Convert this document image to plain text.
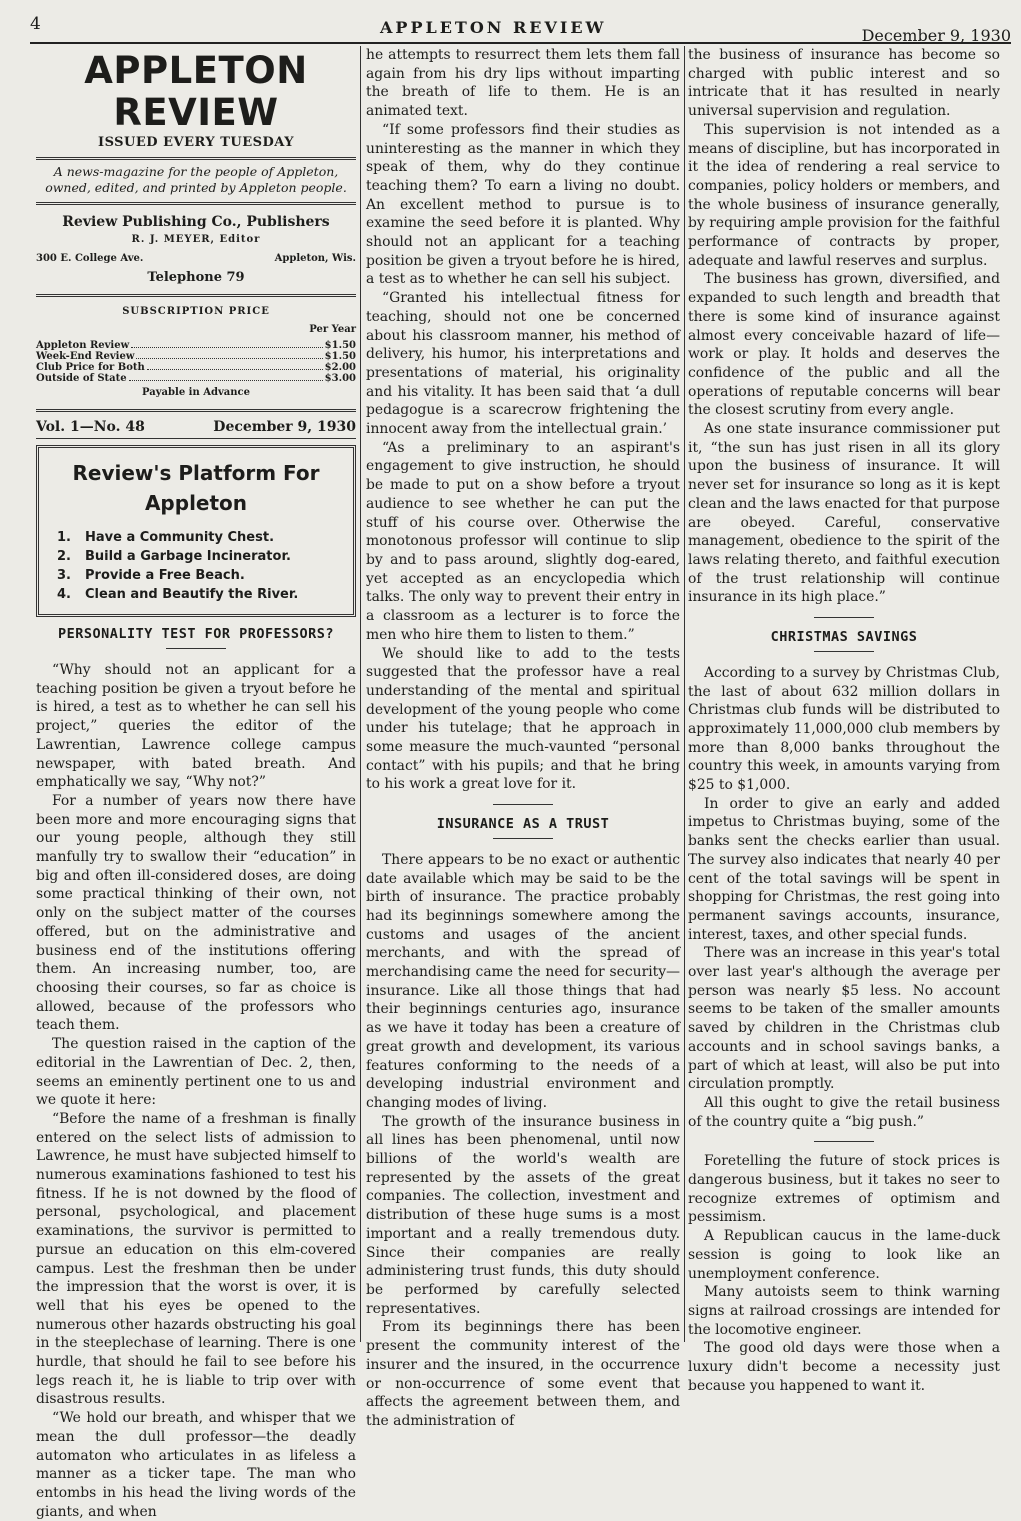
4	APPLETON REVIEW	December 9, 1930
APPLETON REVIEW
ISSUED EVERY TUESDAY
A news-magazine for the people of Appleton, owned, edited, and printed by Appleton people.
Review Publishing Co., Publishers
R. J. MEYER, Editor
300 E. College Ave.	Appleton, Wis.
Telephone 79
SUBSCRIPTION PRICE
Per Year
Appleton Review	$1.50
Week-End Review	$1.50
Club Price for Both	$2.00
Outside of State	$3.00
Payable in Advance
Vol. 1—No. 48	December 9, 1930
Review's Platform For
Appleton
1.	Have a Community Chest.
2.	Build a Garbage Incinerator.
3.	Provide a Free Beach.
4.	Clean and Beautify the River.
PERSONALITY TEST FOR PROFESSORS?

“Why should not an applicant for a teaching position be given a tryout before he is hired, a test as to whether he can sell his project,” queries the editor of the Lawrentian, Lawrence college campus newspaper, with bated breath. And emphatically we say, “Why not?”

For a number of years now there have been more and more encouraging signs that our young people, although they still manfully try to swallow their “education” in big and often ill-considered doses, are doing some practical thinking of their own, not only on the subject matter of the courses offered, but on the administrative and business end of the institutions offering them. An increasing number, too, are choosing their courses, so far as choice is allowed, because of the professors who teach them.

The question raised in the caption of the editorial in the Lawrentian of Dec. 2, then, seems an eminently pertinent one to us and we quote it here:

“Before the name of a freshman is finally entered on the select lists of admission to Lawrence, he must have subjected himself to numerous examinations fashioned to test his fitness. If he is not downed by the flood of personal, psychological, and placement examinations, the survivor is permitted to pursue an education on this elm-covered campus. Lest the freshman then be under the impression that the worst is over, it is well that his eyes be opened to the numerous other hazards obstructing his goal in the steeplechase of learning. There is one hurdle, that should he fail to see before his legs reach it, he is liable to trip over with disastrous results.

“We hold our breath, and whisper that we mean the dull professor—the deadly automaton who articulates in as lifeless a manner as a ticker tape. The man who entombs in his head the living words of the giants, and when

he attempts to resurrect them lets them fall again from his dry lips without imparting the breath of life to them. He is an animated text.

“If some professors find their studies as uninteresting as the manner in which they speak of them, why do they continue teaching them? To earn a living no doubt. An excellent method to pursue is to examine the seed before it is planted. Why should not an applicant for a teaching position be given a tryout before he is hired, a test as to whether he can sell his subject.

“Granted his intellectual fitness for teaching, should not one be concerned about his classroom manner, his method of delivery, his humor, his interpretations and presentations of material, his originality and his vitality. It has been said that ‘a dull pedagogue is a scarecrow frightening the innocent away from the intellectual grain.’

“As a preliminary to an aspirant's engagement to give instruction, he should be made to put on a show before a tryout audience to see whether he can put the stuff of his course over. Otherwise the monotonous professor will continue to slip by and to pass around, slightly dog-eared, yet accepted as an encyclopedia which talks. The only way to prevent their entry in a classroom as a lecturer is to force the men who hire them to listen to them.”

We should like to add to the tests suggested that the professor have a real understanding of the mental and spiritual development of the young people who come under his tutelage; that he approach in some measure the much-vaunted “personal contact” with his pupils; and that he bring to his work a great love for it.

INSURANCE AS A TRUST

There appears to be no exact or authentic date available which may be said to be the birth of insurance. The practice probably had its beginnings somewhere among the customs and usages of the ancient merchants, and with the spread of merchandising came the need for security—insurance. Like all those things that had their beginnings centuries ago, insurance as we have it today has been a creature of great growth and development, its various features conforming to the needs of a developing industrial environment and changing modes of living.

The growth of the insurance business in all lines has been phenomenal, until now billions of the world's wealth are represented by the assets of the great companies. The collection, investment and distribution of these huge sums is a most important and a really tremendous duty. Since their companies are really administering trust funds, this duty should be performed by carefully selected representatives.

From its beginnings there has been present the community interest of the insurer and the insured, in the occurrence or non-occurrence of some event that affects the agreement between them, and the administration of

the business of insurance has become so charged with public interest and so intricate that it has resulted in nearly universal supervision and regulation.

This supervision is not intended as a means of discipline, but has incorporated in it the idea of rendering a real service to companies, policy holders or members, and the whole business of insurance generally, by requiring ample provision for the faithful performance of contracts by proper, adequate and lawful reserves and surplus.

The business has grown, diversified, and expanded to such length and breadth that there is some kind of insurance against almost every conceivable hazard of life—work or play. It holds and deserves the confidence of the public and all the operations of reputable concerns will bear the closest scrutiny from every angle.

As one state insurance commissioner put it, “the sun has just risen in all its glory upon the business of insurance. It will never set for insurance so long as it is kept clean and the laws enacted for that purpose are obeyed. Careful, conservative management, obedience to the spirit of the laws relating thereto, and faithful execution of the trust relationship will continue insurance in its high place.”

CHRISTMAS SAVINGS

According to a survey by Christmas Club, the last of about 632 million dollars in Christmas club funds will be distributed to approximately 11,000,000 club members by more than 8,000 banks throughout the country this week, in amounts varying from $25 to $1,000.

In order to give an early and added impetus to Christmas buying, some of the banks sent the checks earlier than usual. The survey also indicates that nearly 40 per cent of the total savings will be spent in shopping for Christmas, the rest going into permanent savings accounts, insurance, interest, taxes, and other special funds.

There was an increase in this year's total over last year's although the average per person was nearly $5 less. No account seems to be taken of the smaller amounts saved by children in the Christmas club accounts and in school savings banks, a part of which at least, will also be put into circulation promptly.

All this ought to give the retail business of the country quite a “big push.”

Foretelling the future of stock prices is dangerous business, but it takes no seer to recognize extremes of optimism and pessimism.

A Republican caucus in the lame-duck session is going to look like an unemployment conference.

Many autoists seem to think warning signs at railroad crossings are intended for the locomotive engineer.

The good old days were those when a luxury didn't become a necessity just because you happened to want it.
